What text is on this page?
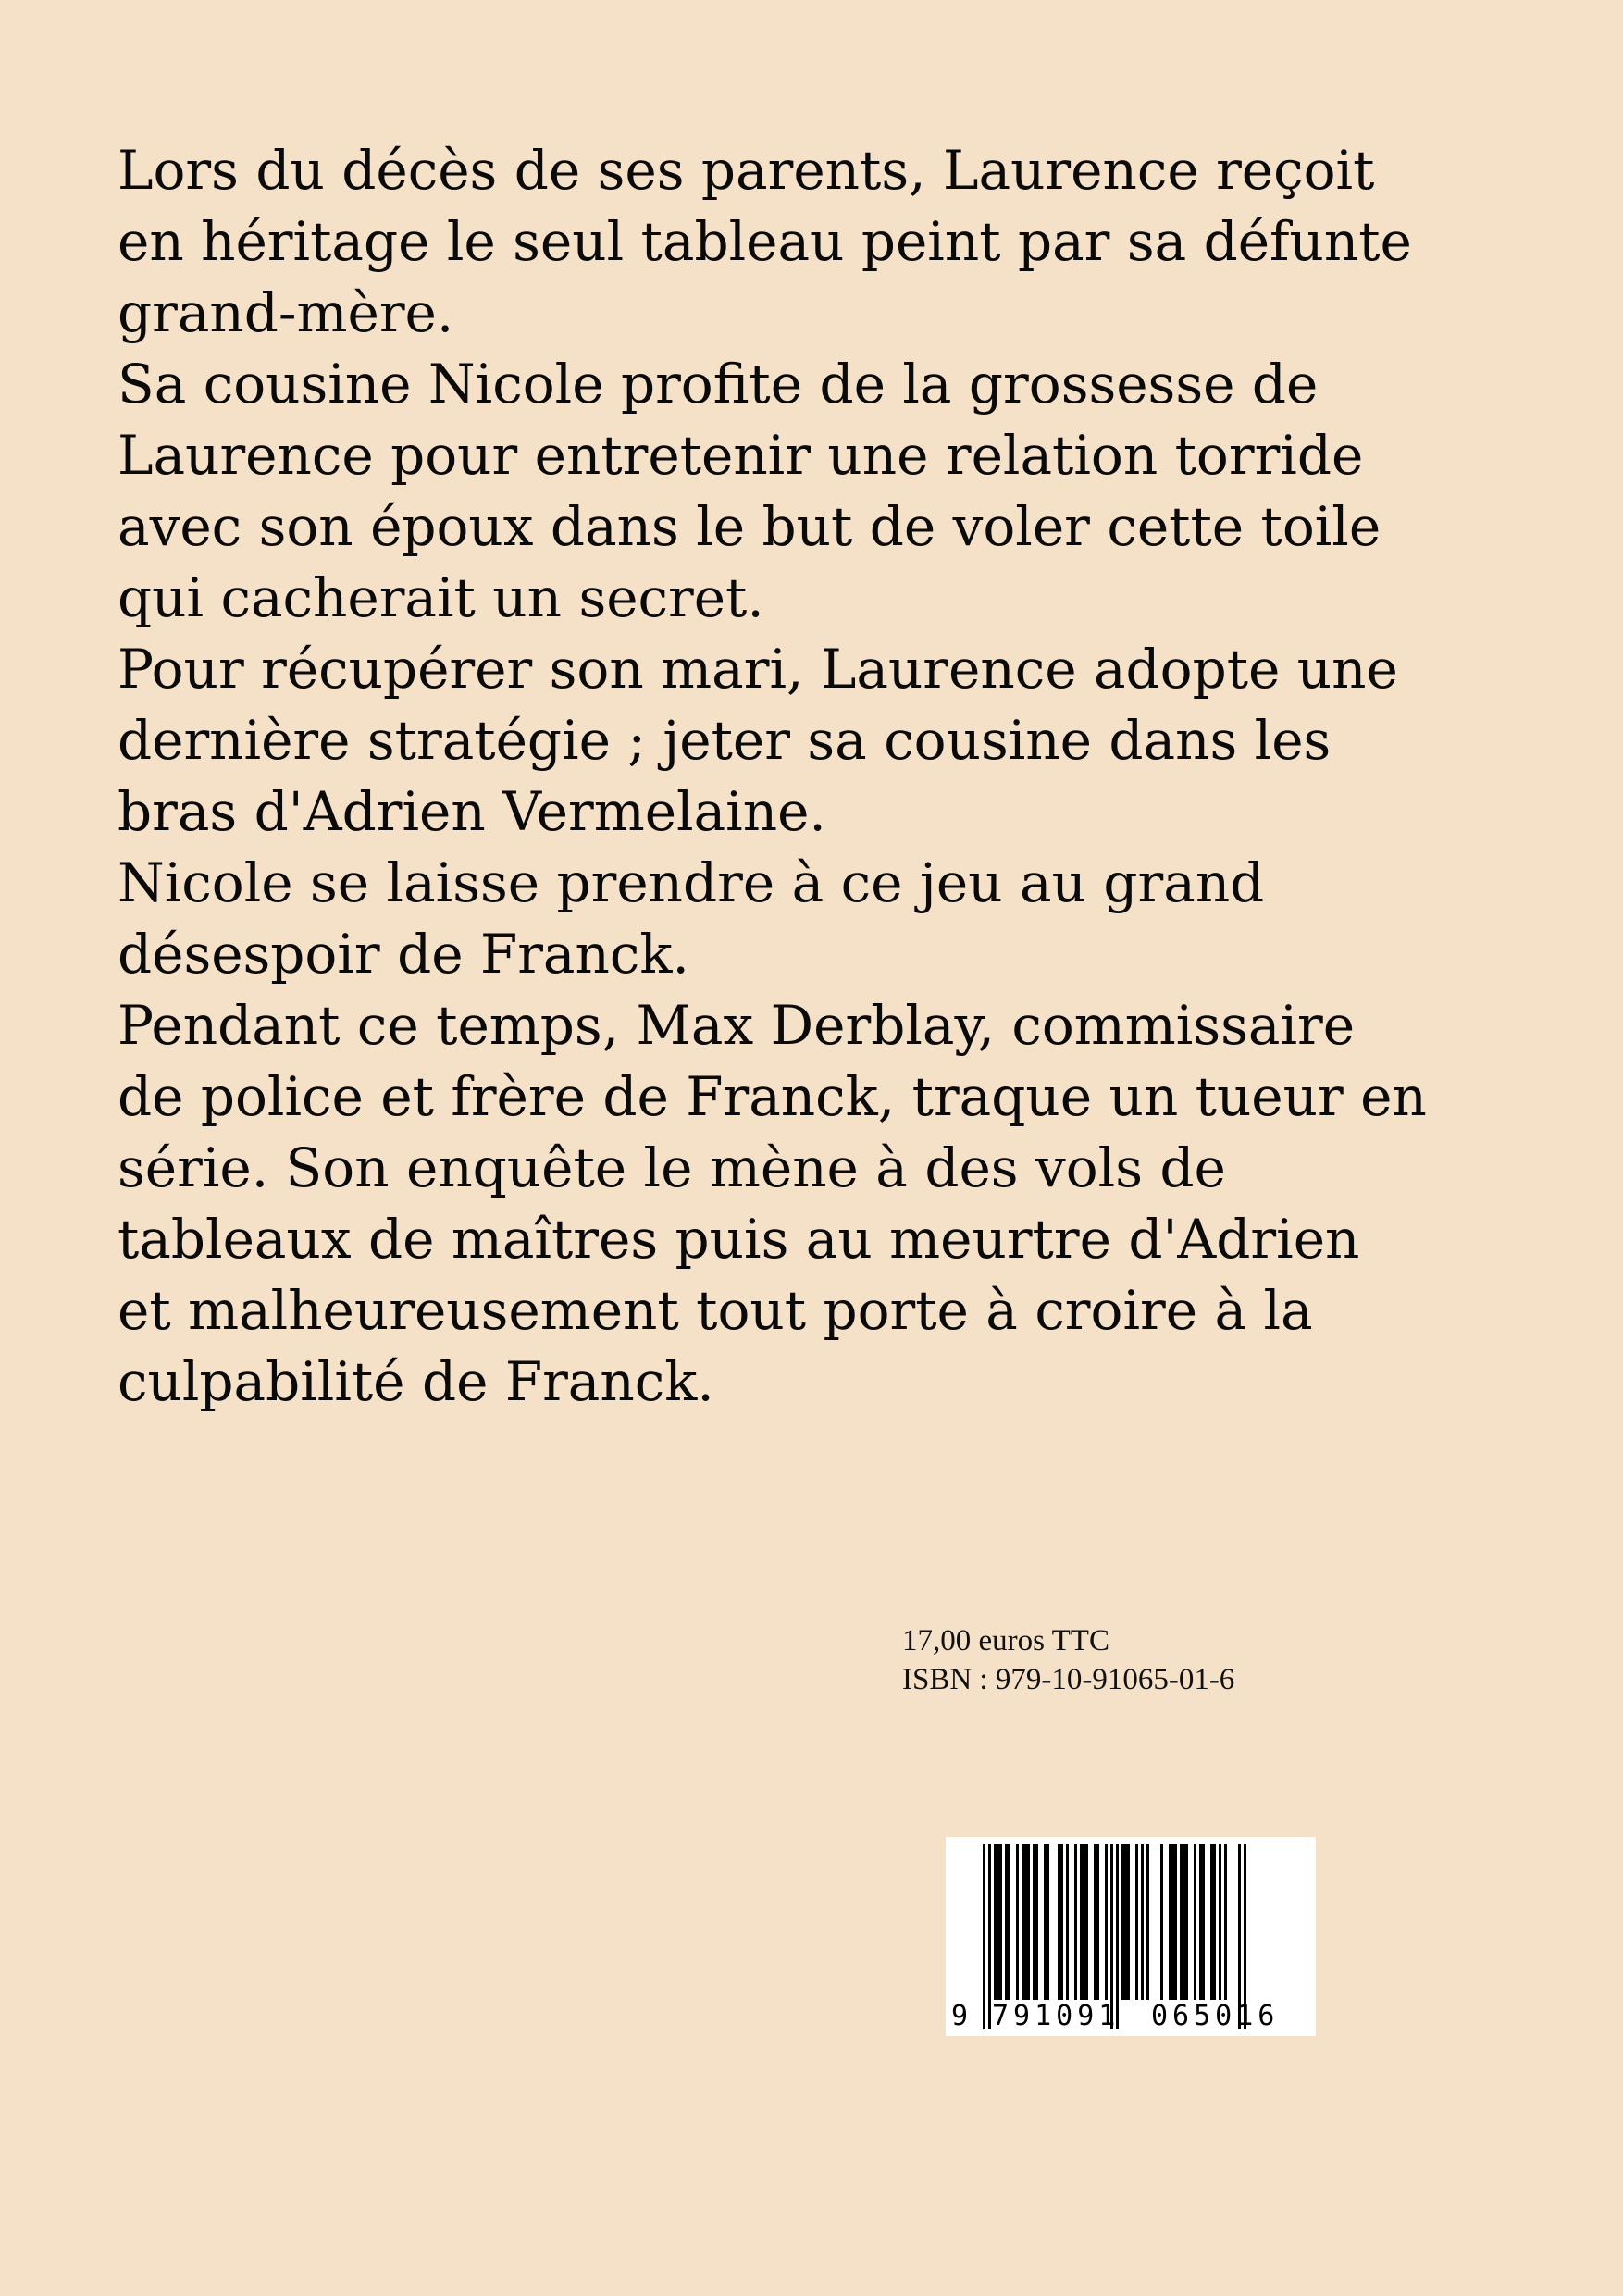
Lors du décès de ses parents, Laurence reçoit
en héritage le seul tableau peint par sa défunte
grand-mère.
Sa cousine Nicole profite de la grossesse de
Laurence pour entretenir une relation torride
avec son époux dans le but de voler cette toile
qui cacherait un secret.
Pour récupérer son mari, Laurence adopte une
dernière stratégie ; jeter sa cousine dans les
bras d'Adrien Vermelaine.
Nicole se laisse prendre à ce jeu au grand
désespoir de Franck.
Pendant ce temps, Max Derblay, commissaire
de police et frère de Franck, traque un tueur en
série. Son enquête le mène à des vols de
tableaux de maîtres puis au meurtre d'Adrien
et malheureusement tout porte à croire à la
culpabilité de Franck.
17,00 euros TTC
ISBN : 979-10-91065-01-6
9 791091 065016
